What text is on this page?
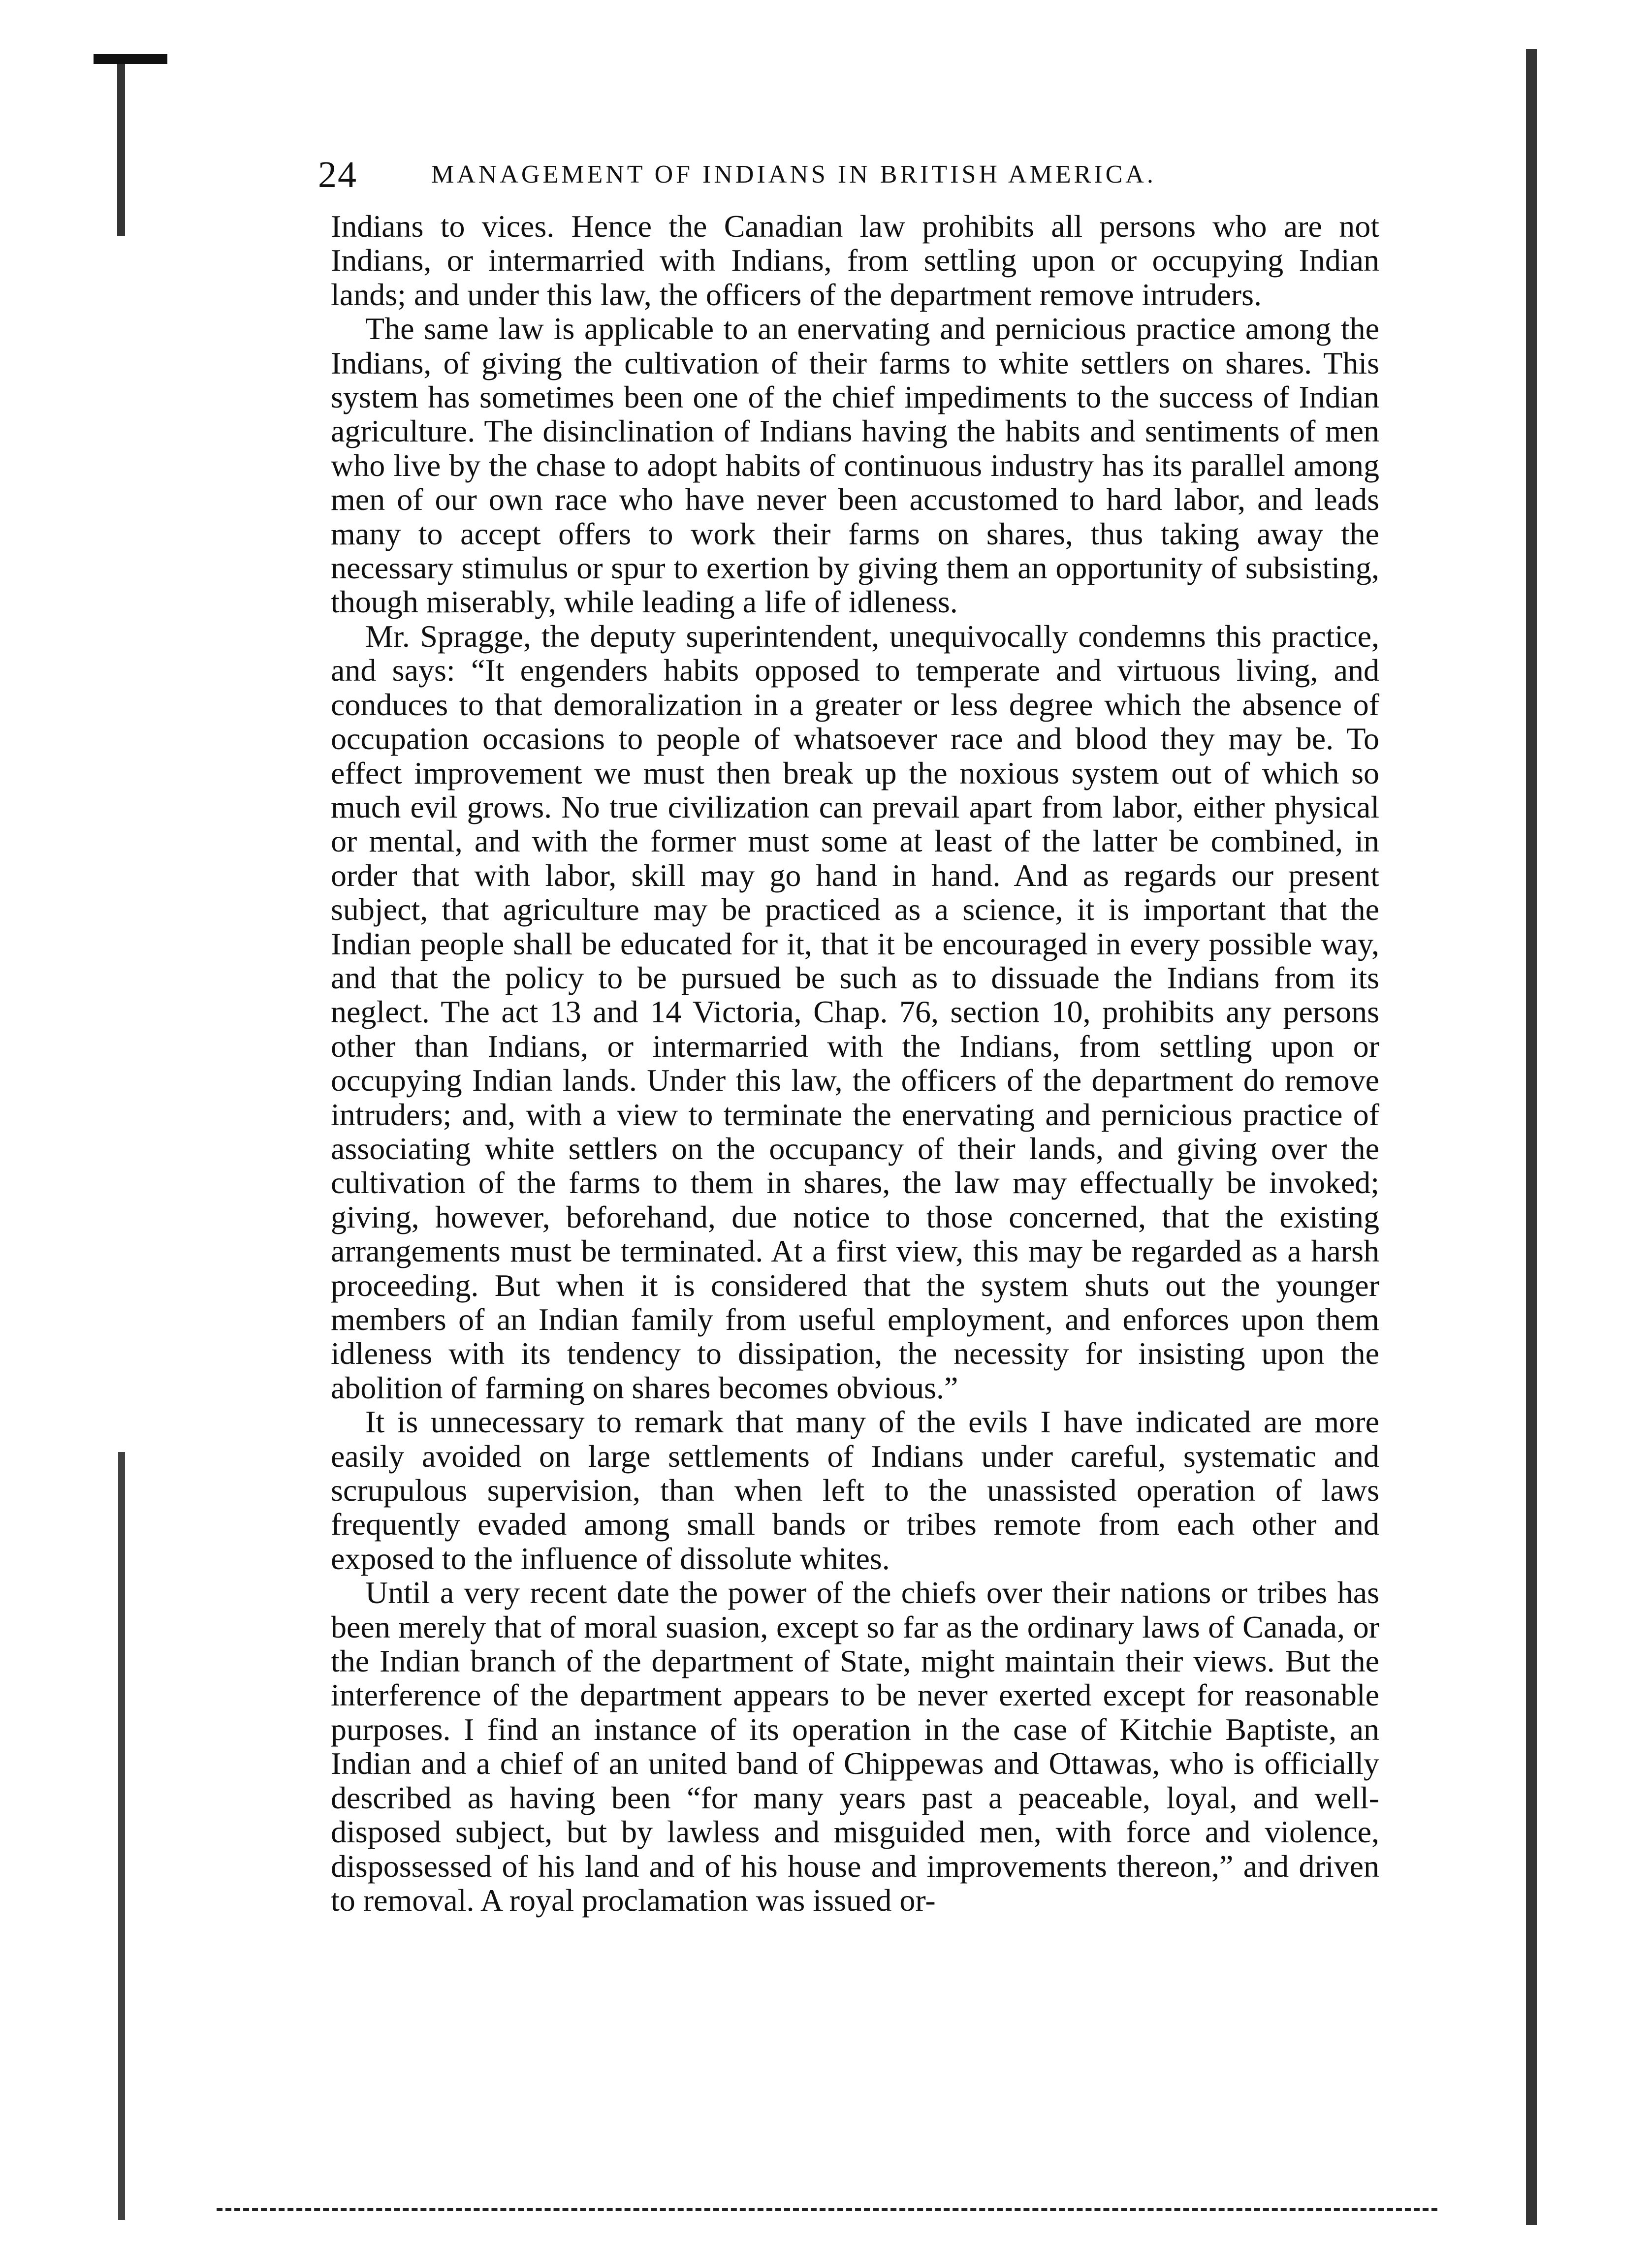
24	MANAGEMENT OF INDIANS IN BRITISH AMERICA.

Indians to vices. Hence the Canadian law prohibits all persons who are not Indians, or intermarried with Indians, from settling upon or occupying Indian lands; and under this law, the officers of the department remove intruders.

The same law is applicable to an enervating and pernicious practice among the Indians, of giving the cultivation of their farms to white settlers on shares. This system has sometimes been one of the chief impediments to the success of Indian agriculture. The disinclination of Indians having the habits and sentiments of men who live by the chase to adopt habits of continuous industry has its parallel among men of our own race who have never been accustomed to hard labor, and leads many to accept offers to work their farms on shares, thus taking away the necessary stimulus or spur to exertion by giving them an opportunity of subsisting, though miserably, while leading a life of idleness.

Mr. Spragge, the deputy superintendent, unequivocally condemns this practice, and says: “It engenders habits opposed to temperate and virtuous living, and conduces to that demoralization in a greater or less degree which the absence of occupation occasions to people of whatsoever race and blood they may be. To effect improvement we must then break up the noxious system out of which so much evil grows. No true civilization can prevail apart from labor, either physical or mental, and with the former must some at least of the latter be combined, in order that with labor, skill may go hand in hand. And as regards our present subject, that agriculture may be practiced as a science, it is important that the Indian people shall be educated for it, that it be encouraged in every possible way, and that the policy to be pursued be such as to dissuade the Indians from its neglect. The act 13 and 14 Victoria, Chap. 76, section 10, prohibits any persons other than Indians, or intermarried with the Indians, from settling upon or occupying Indian lands. Under this law, the officers of the department do remove intruders; and, with a view to terminate the enervating and pernicious practice of associating white settlers on the occupancy of their lands, and giving over the cultivation of the farms to them in shares, the law may effectually be invoked; giving, however, beforehand, due notice to those concerned, that the existing arrangements must be terminated. At a first view, this may be regarded as a harsh proceeding. But when it is considered that the system shuts out the younger members of an Indian family from useful employment, and enforces upon them idleness with its tendency to dissipation, the necessity for insisting upon the abolition of farming on shares becomes obvious.”

It is unnecessary to remark that many of the evils I have indicated are more easily avoided on large settlements of Indians under careful, systematic and scrupulous supervision, than when left to the unassisted operation of laws frequently evaded among small bands or tribes remote from each other and exposed to the influence of dissolute whites.

Until a very recent date the power of the chiefs over their nations or tribes has been merely that of moral suasion, except so far as the ordinary laws of Canada, or the Indian branch of the department of State, might maintain their views. But the interference of the department appears to be never exerted except for reasonable purposes. I find an instance of its operation in the case of Kitchie Baptiste, an Indian and a chief of an united band of Chippewas and Ottawas, who is officially described as having been “for many years past a peaceable, loyal, and well-disposed subject, but by lawless and misguided men, with force and violence, dispossessed of his land and of his house and improvements thereon,” and driven to removal. A royal proclamation was issued or-
